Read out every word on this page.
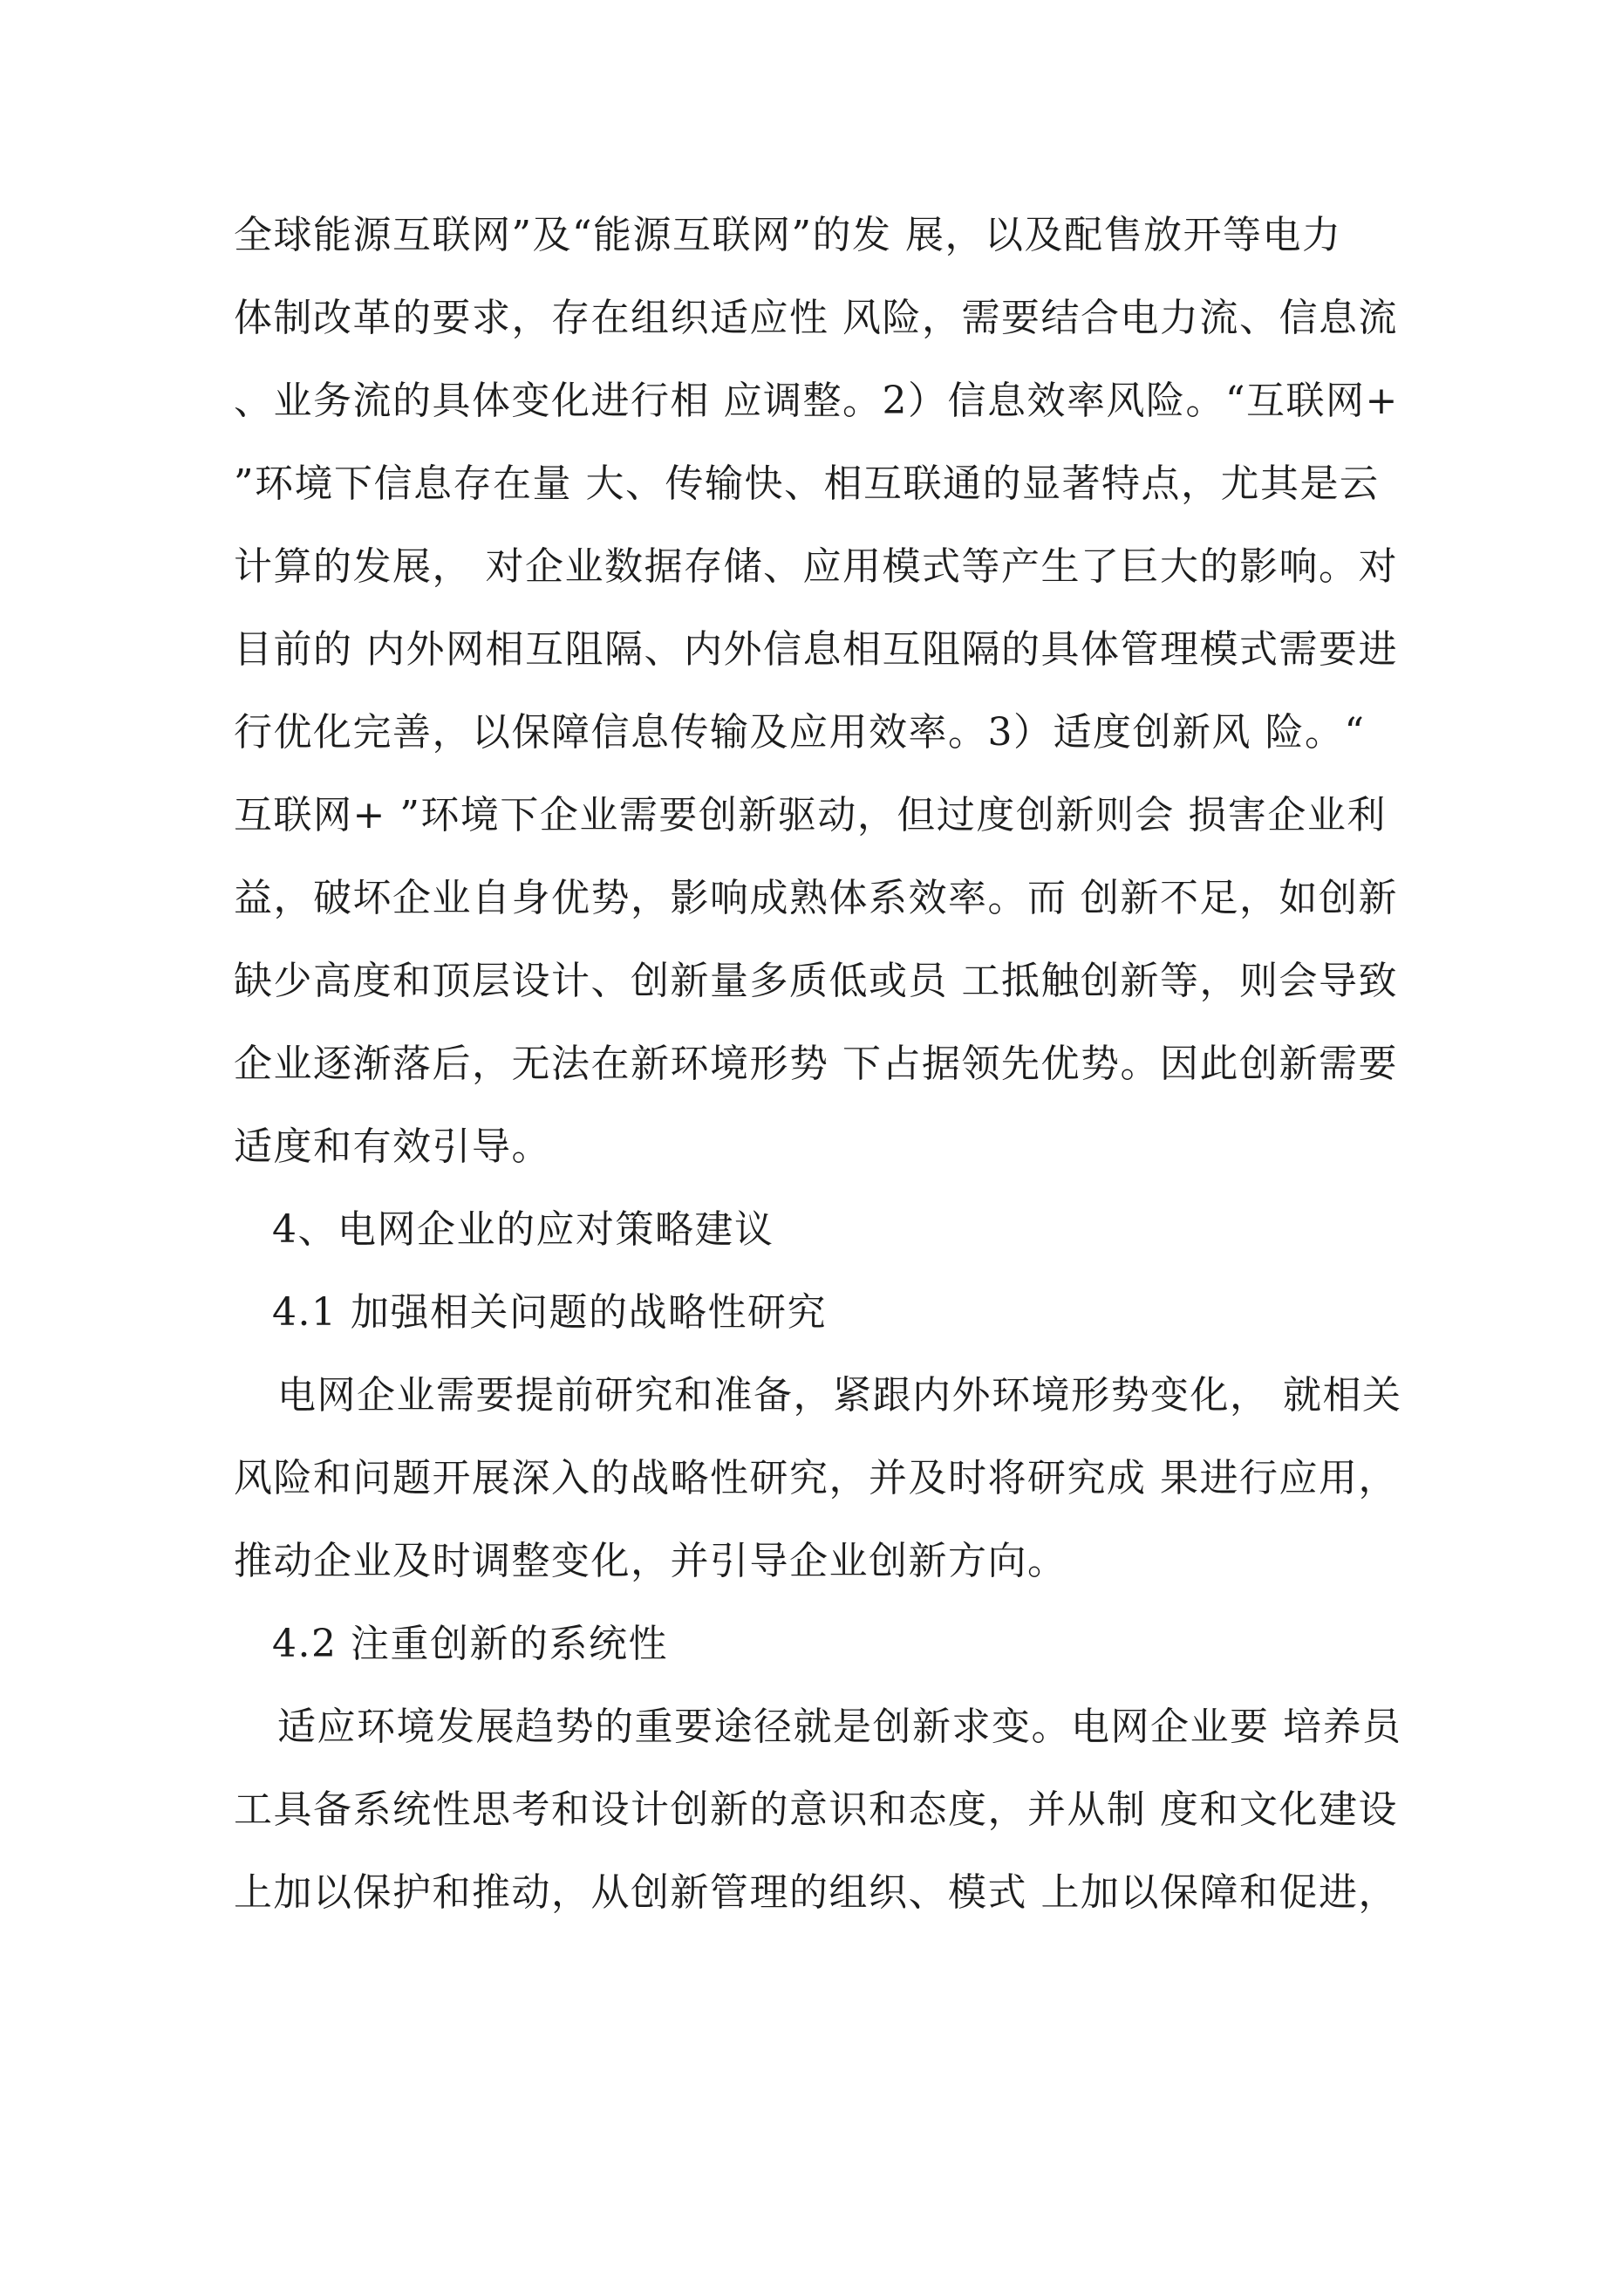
全球能源互联网”及“能源互联网”的发 展，以及配售放开等电力
体制改革的要求，存在组织适应性 风险，需要结合电力流、信息流
、业务流的具体变化进行相 应调整。2）信息效率风险。“互联网+
”环境下信息存在量 大、传输快、相互联通的显著特点，尤其是云
计算的发展， 对企业数据存储、应用模式等产生了巨大的影响。对
目前的 内外网相互阻隔、内外信息相互阻隔的具体管理模式需要进
行优化完善，以保障信息传输及应用效率。3）适度创新风 险。“
互联网+ ”环境下企业需要创新驱动，但过度创新则会 损害企业利
益，破坏企业自身优势，影响成熟体系效率。而 创新不足，如创新
缺少高度和顶层设计、创新量多质低或员 工抵触创新等，则会导致
企业逐渐落后，无法在新环境形势 下占据领先优势。因此创新需要
适度和有效引导。
4、电网企业的应对策略建议
4.1 加强相关问题的战略性研究
电网企业需要提前研究和准备，紧跟内外环境形势变化， 就相关
风险和问题开展深入的战略性研究，并及时将研究成 果进行应用，
推动企业及时调整变化，并引导企业创新方向。
4.2 注重创新的系统性
适应环境发展趋势的重要途径就是创新求变。电网企业要 培养员
工具备系统性思考和设计创新的意识和态度，并从制 度和文化建设
上加以保护和推动，从创新管理的组织、模式 上加以保障和促进，
